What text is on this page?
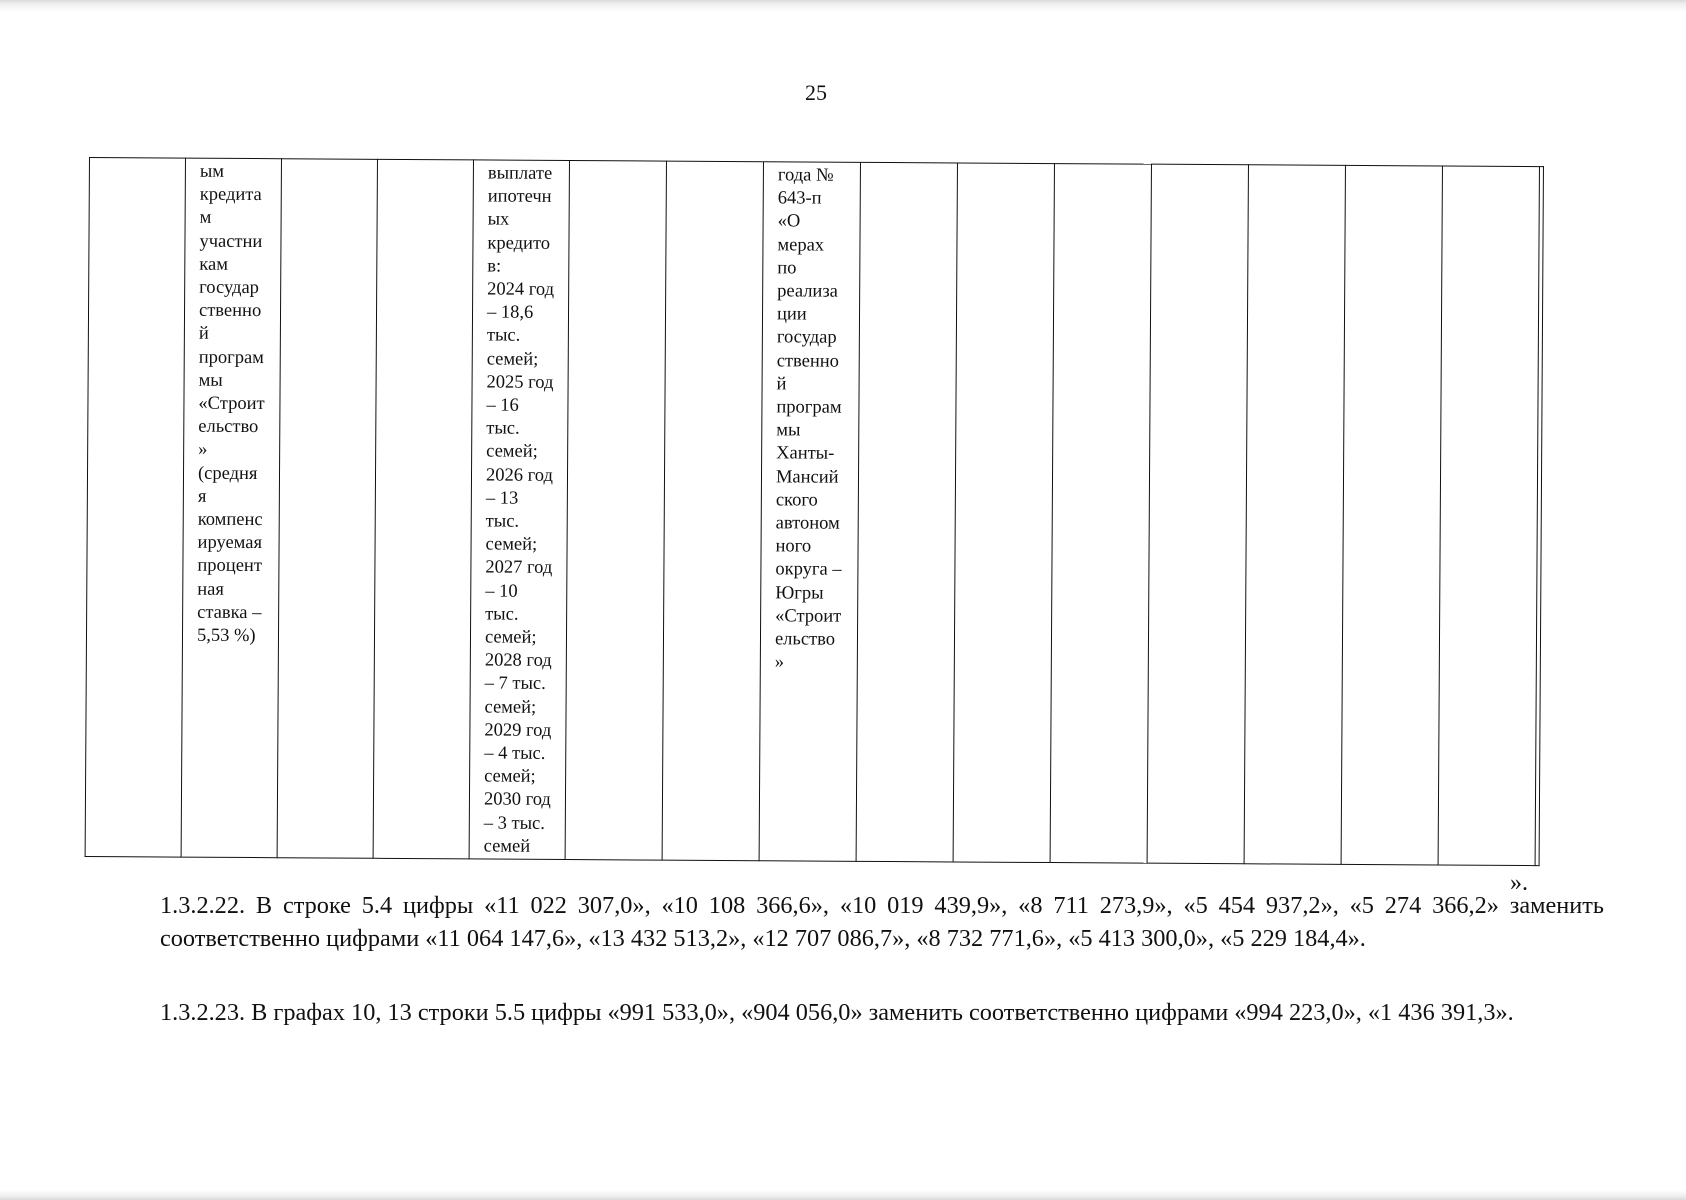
25
	ым
кредита
м
участни
кам
государ
ственно
й
програм
мы
«Строит
ельство
»
(средня
я
компенс
ируемая
процент
ная
ставка –
5,53 %)			выплате
ипотечн
ых
кредито
в:
2024 год
– 18,6
тыс.
семей;
2025 год
– 16
тыс.
семей;
2026 год
– 13
тыс.
семей;
2027 год
– 10
тыс.
семей;
2028 год
– 7 тыс.
семей;
2029 год
– 4 тыс.
семей;
2030 год
– 3 тыс.
семей			года №
643-п
«О
мерах
по
реализа
ции
государ
ственно
й
програм
мы
Ханты-
Мансий
ского
автоном
ного
округа –
Югры
«Строит
ельство
»								
».
1.3.2.22. В строке 5.4 цифры «11 022 307,0», «10 108 366,6», «10 019 439,9», «8 711 273,9», «5 454 937,2», «5 274 366,2» заменить соответственно цифрами «11 064 147,6», «13 432 513,2», «12 707 086,7», «8 732 771,6», «5 413 300,0», «5 229 184,4».
1.3.2.23. В графах 10, 13 строки 5.5 цифры «991 533,0», «904 056,0» заменить соответственно цифрами «994 223,0», «1 436 391,3».
